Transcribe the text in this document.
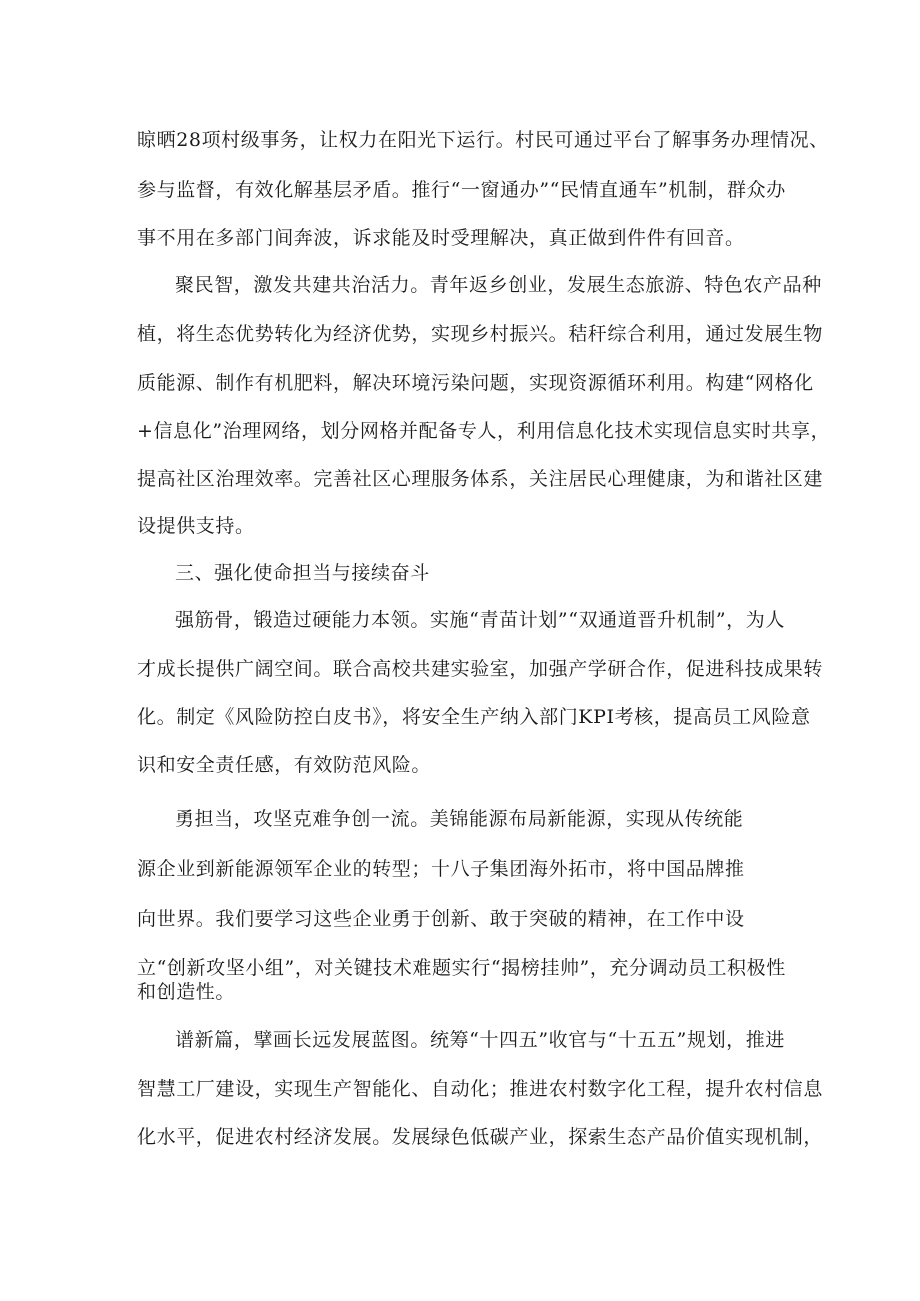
晾晒28项村级事务，让权力在阳光下运行。村民可通过平台了解事务办理情况、
参与监督，有效化解基层矛盾。推行“一窗通办”“民情直通车”机制，群众办
事不用在多部门间奔波，诉求能及时受理解决，真正做到件件有回音。
聚民智，激发共建共治活力。青年返乡创业，发展生态旅游、特色农产品种
植，将生态优势转化为经济优势，实现乡村振兴。秸秆综合利用，通过发展生物
质能源、制作有机肥料，解决环境污染问题，实现资源循环利用。构建“网格化
+信息化”治理网络，划分网格并配备专人，利用信息化技术实现信息实时共享，
提高社区治理效率。完善社区心理服务体系，关注居民心理健康，为和谐社区建
设提供支持。
三、强化使命担当与接续奋斗
强筋骨，锻造过硬能力本领。实施“青苗计划”“双通道晋升机制”，为人
才成长提供广阔空间。联合高校共建实验室，加强产学研合作，促进科技成果转
化。制定《风险防控白皮书》，将安全生产纳入部门KPI考核，提高员工风险意
识和安全责任感，有效防范风险。
勇担当，攻坚克难争创一流。美锦能源布局新能源，实现从传统能
源企业到新能源领军企业的转型；十八子集团海外拓市，将中国品牌推
向世界。我们要学习这些企业勇于创新、敢于突破的精神，在工作中设
立“创新攻坚小组”，对关键技术难题实行“揭榜挂帅”，充分调动员工积极性
和创造性。
谱新篇，擘画长远发展蓝图。统筹“十四五”收官与“十五五”规划，推进
智慧工厂建设，实现生产智能化、自动化；推进农村数字化工程，提升农村信息
化水平，促进农村经济发展。发展绿色低碳产业，探索生态产品价值实现机制，
